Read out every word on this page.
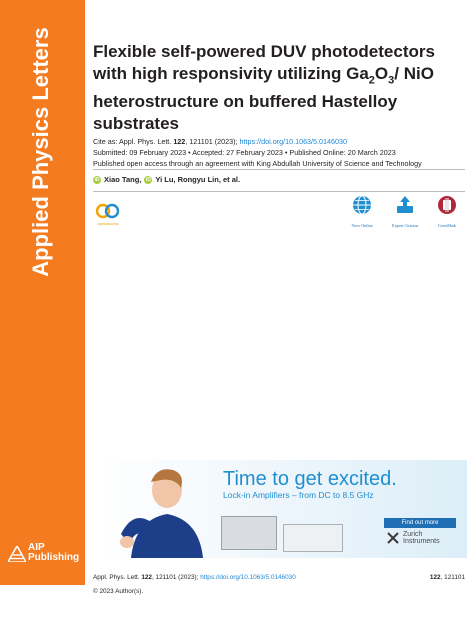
Applied Physics Letters
AIP
Publishing
Flexible self-powered DUV photodetectors with high responsivity utilizing $Ga_2O_3/$ NiO heterostructure on buffered Hastelloy substrates
Cite as: Appl. Phys. Lett. 122, 121101 (2023); https://doi.org/10.1063/5.0146030
Submitted: 09 February 2023 • Accepted: 27 February 2023 • Published Online: 20 March 2023
Published open access through an agreement with King Abdullah University of Science and Technology
iD Xiao Tang, iD Yi Lu, Rongyu Lin, et al.
openaccess	View Online	Export Citation	CrossMark
Time to get excited.
Lock-in Amplifiers – from DC to 8.5 GHz
Find out more
Zurich
Instruments
Appl. Phys. Lett. 122, 121101 (2023); https://doi.org/10.1063/5.0146030	122, 121101
© 2023 Author(s).
